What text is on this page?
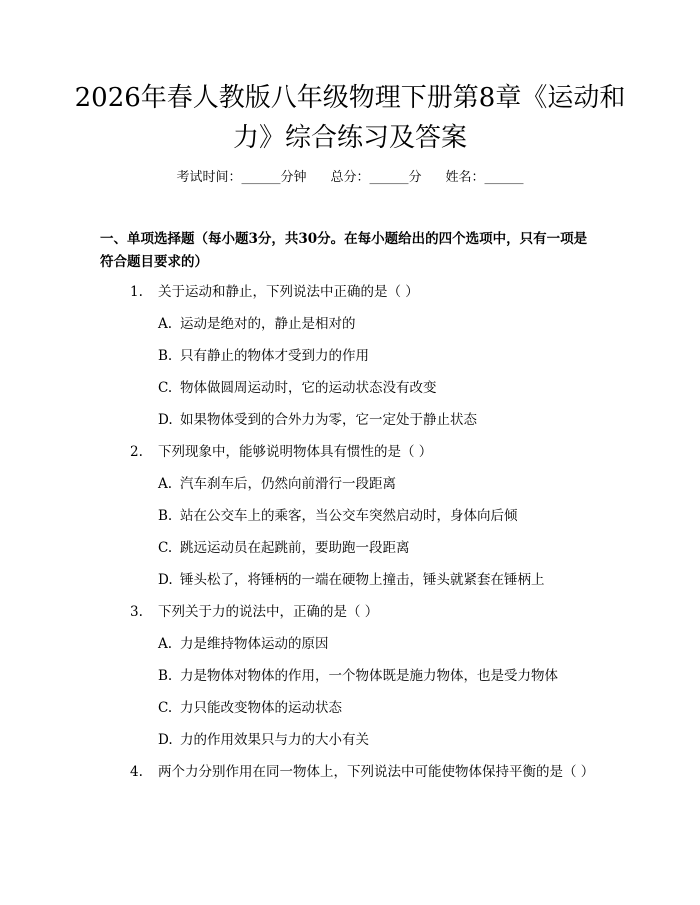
2026年春人教版八年级物理下册第8章《运动和力》综合练习及答案
考试时间：______分钟 总分：______分 姓名：______

一、单项选择题（每小题3分，共30分。在每小题给出的四个选项中，只有一项是符合题目要求的）

1. 关于运动和静止，下列说法中正确的是（ ）
A. 运动是绝对的，静止是相对的
B. 只有静止的物体才受到力的作用
C. 物体做圆周运动时，它的运动状态没有改变
D. 如果物体受到的合外力为零，它一定处于静止状态
2. 下列现象中，能够说明物体具有惯性的是（ ）
A. 汽车刹车后，仍然向前滑行一段距离
B. 站在公交车上的乘客，当公交车突然启动时，身体向后倾
C. 跳远运动员在起跳前，要助跑一段距离
D. 锤头松了，将锤柄的一端在硬物上撞击，锤头就紧套在锤柄上
3. 下列关于力的说法中，正确的是（ ）
A. 力是维持物体运动的原因
B. 力是物体对物体的作用，一个物体既是施力物体，也是受力物体
C. 力只能改变物体的运动状态
D. 力的作用效果只与力的大小有关
4. 两个力分别作用在同一物体上，下列说法中可能使物体保持平衡的是（ ）
